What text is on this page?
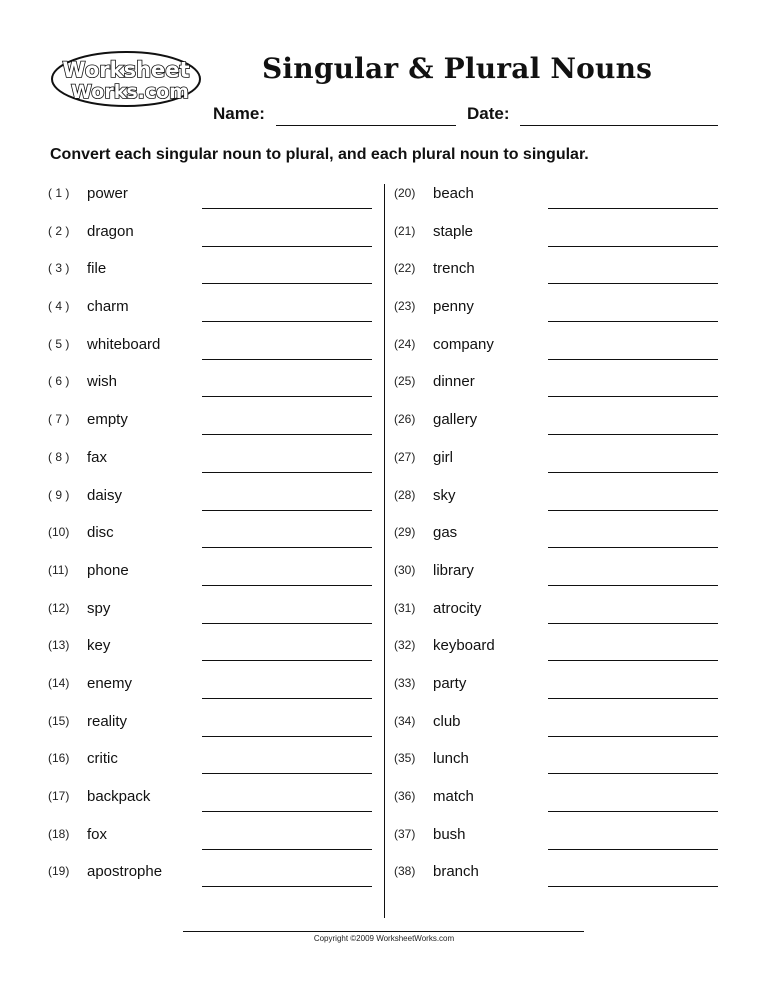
Worksheet
Works.com
Singular & Plural Nouns
Name:	Date:
Convert each singular noun to plural, and each plural noun to singular.
( 1 ) power
( 2 ) dragon
( 3 ) file
( 4 ) charm
( 5 ) whiteboard
( 6 ) wish
( 7 ) empty
( 8 ) fax
( 9 ) daisy
(10) disc
(11) phone
(12) spy
(13) key
(14) enemy
(15) reality
(16) critic
(17) backpack
(18) fox
(19) apostrophe
(20) beach
(21) staple
(22) trench
(23) penny
(24) company
(25) dinner
(26) gallery
(27) girl
(28) sky
(29) gas
(30) library
(31) atrocity
(32) keyboard
(33) party
(34) club
(35) lunch
(36) match
(37) bush
(38) branch
Copyright ©2009 WorksheetWorks.com
